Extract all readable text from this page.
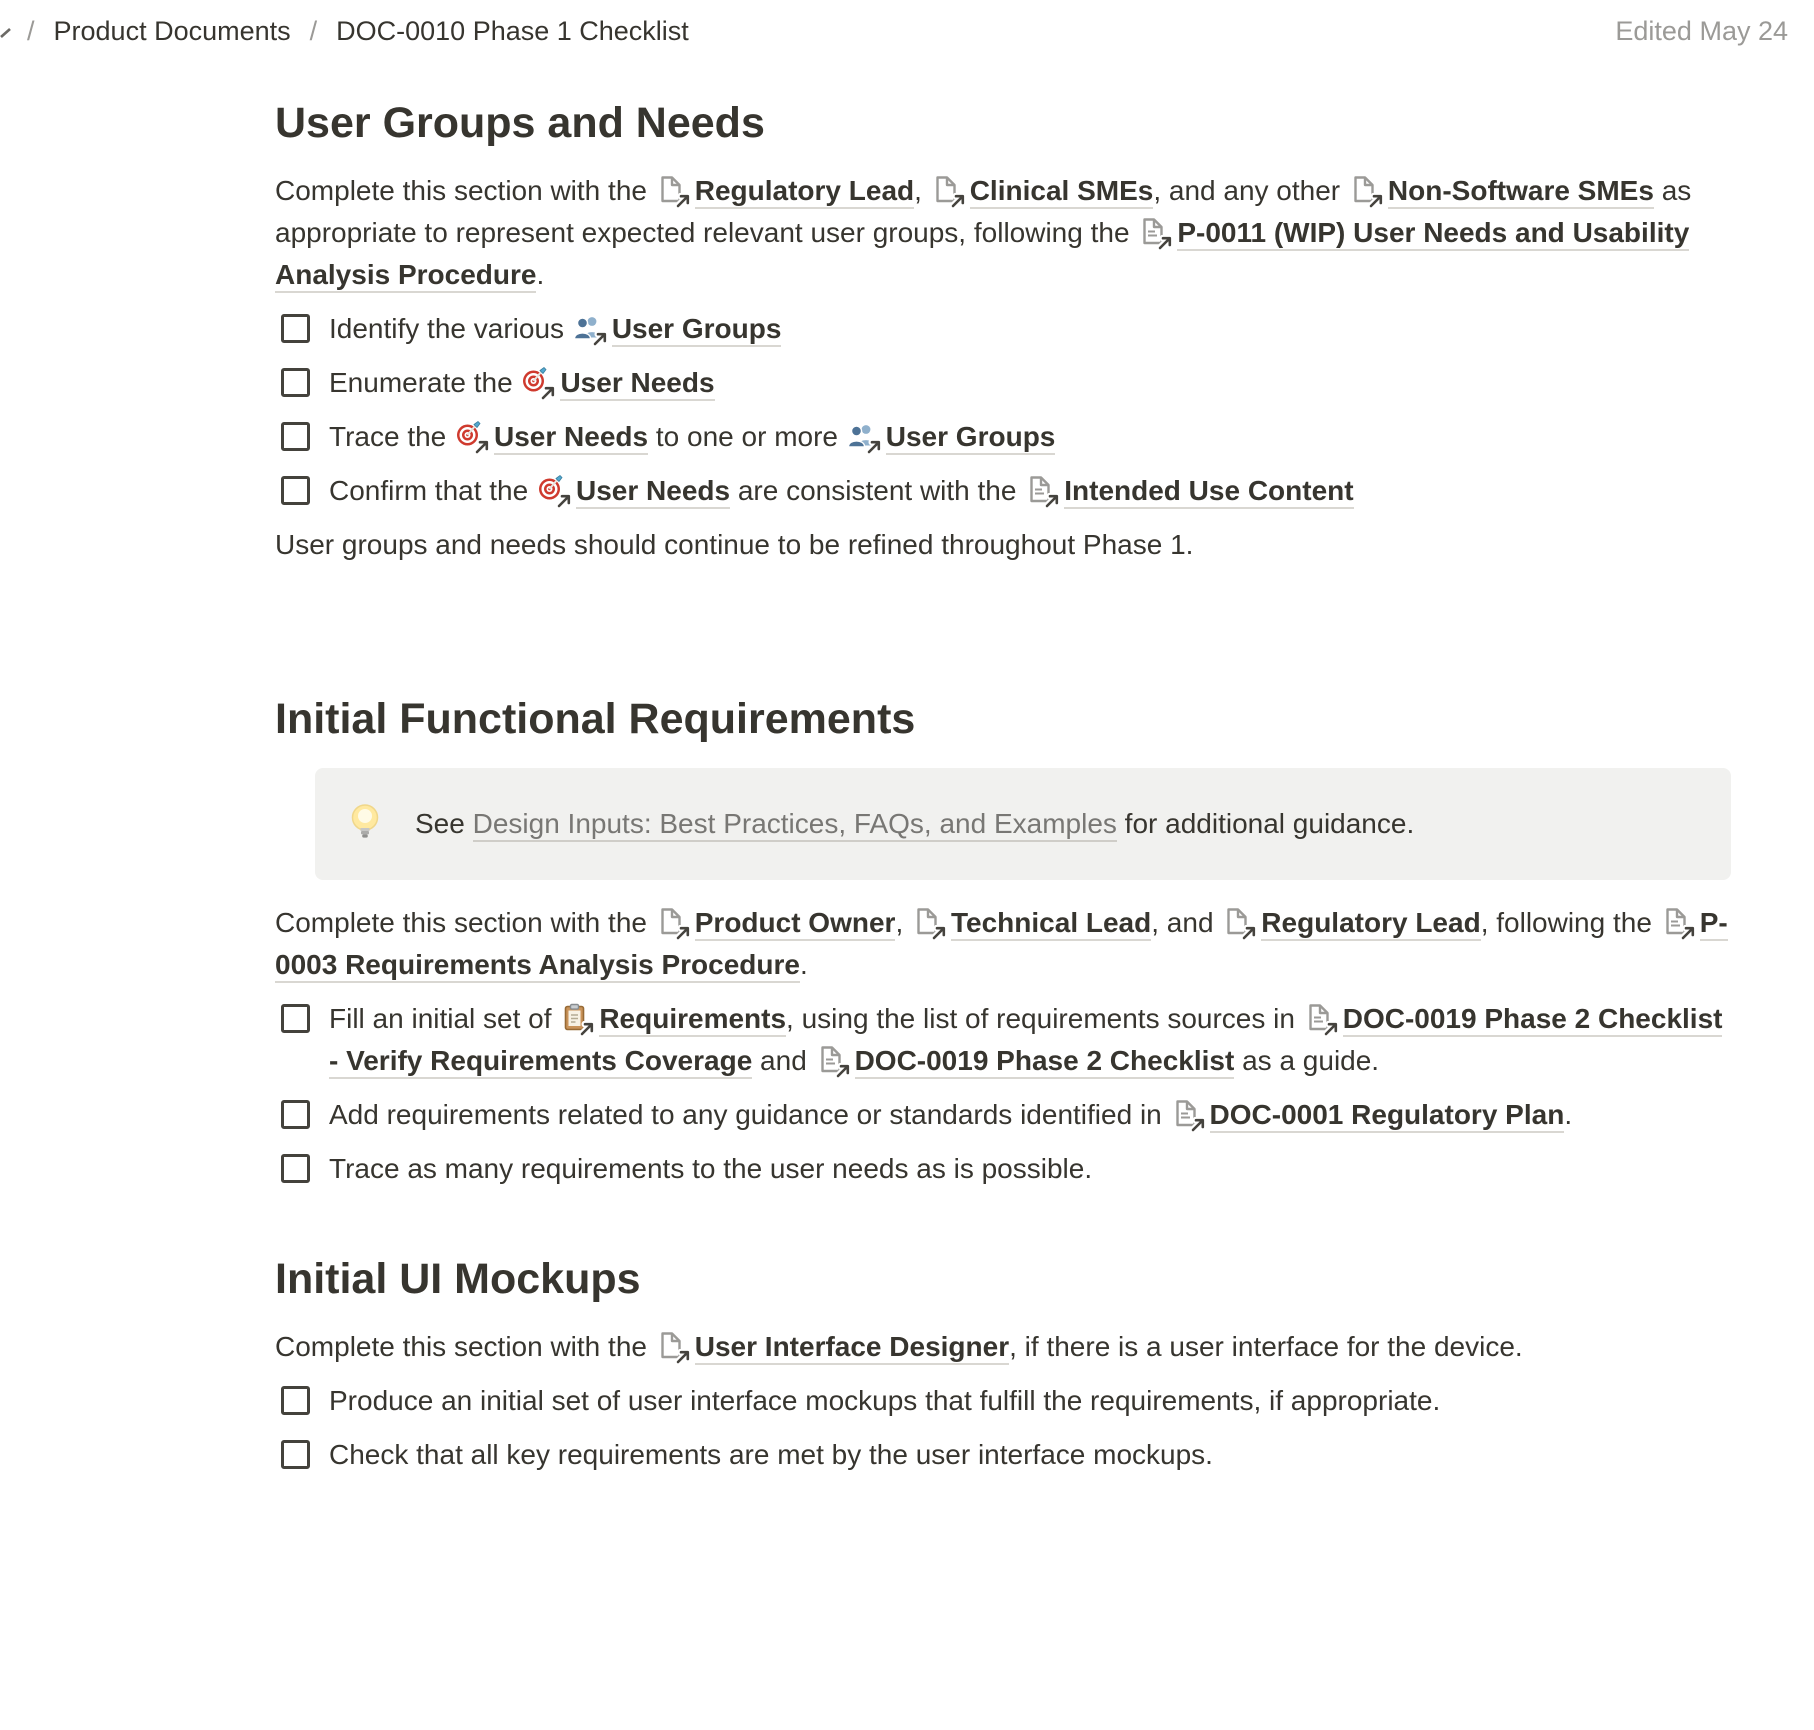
/ Product Documents / DOC-0010 Phase 1 Checklist	Edited May 24
User Groups and Needs
Complete this section with the
Regulatory Lead,
Clinical SMEs, and any other
Non-Software SMEs as appropriate to represent expected relevant user groups, following the
P-0011 (WIP) User Needs and Usability Analysis Procedure.
Identify the various
User Groups
Enumerate the
User Needs
Trace the
User Needs to one or more
User Groups
Confirm that the
User Needs are consistent with the
Intended Use Content
User groups and needs should continue to be refined throughout Phase 1.
Initial Functional Requirements
See Design Inputs: Best Practices, FAQs, and Examples for additional guidance.
Complete this section with the
Product Owner,
Technical Lead, and
Regulatory Lead, following the
P-0003 Requirements Analysis Procedure.
Fill an initial set of
Requirements, using the list of requirements sources in
DOC-0019 Phase 2 Checklist - Verify Requirements Coverage and
DOC-0019 Phase 2 Checklist as a guide.
Add requirements related to any guidance or standards identified in
DOC-0001 Regulatory Plan.
Trace as many requirements to the user needs as is possible.
Initial UI Mockups
Complete this section with the
User Interface Designer, if there is a user interface for the device.
Produce an initial set of user interface mockups that fulfill the requirements, if appropriate.
Check that all key requirements are met by the user interface mockups.
